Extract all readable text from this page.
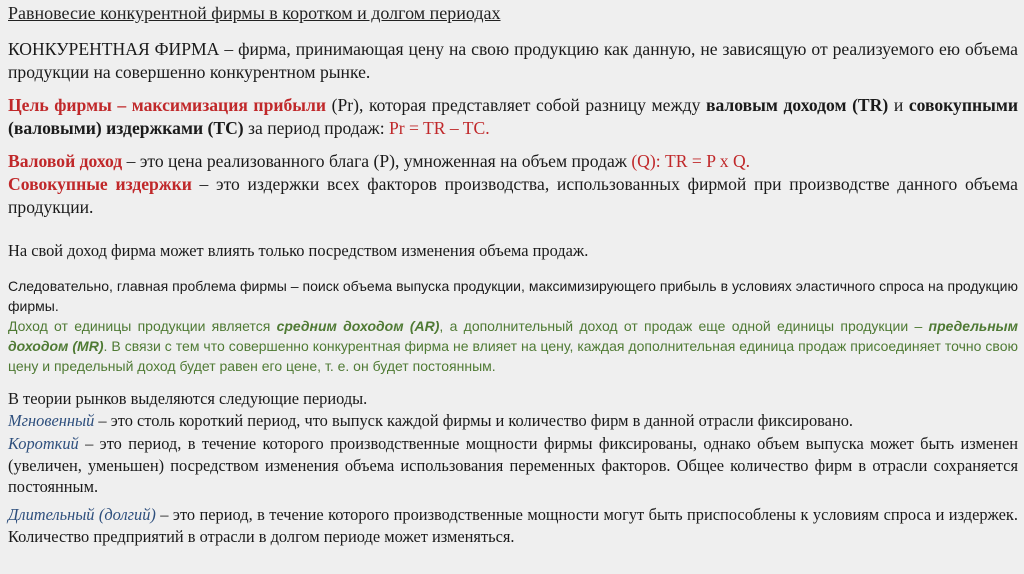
Равновесие конкурентной фирмы в коротком и долгом периодах

КОНКУРЕНТНАЯ ФИРМА – фирма, принимающая цену на свою продукцию как данную, не зависящую от реализуемого ею объема продукции на совершенно конкурентном рынке.

Цель фирмы – максимизация прибыли (Pr), которая представляет собой разницу между валовым доходом (TR) и совокупными (валовыми) издержками (TC) за период продаж: Pr = TR – TC.

Валовой доход – это цена реализованного блага (P), умноженная на объем продаж (Q): TR = P x Q.

Совокупные издержки – это издержки всех факторов производства, использованных фирмой при производстве данного объема продукции.

На свой доход фирма может влиять только посредством изменения объема продаж.

Следовательно, главная проблема фирмы – поиск объема выпуска продукции, максимизирующего прибыль в условиях эластичного спроса на продукцию фирмы.

Доход от единицы продукции является средним доходом (AR), а дополнительный доход от продаж еще одной единицы продукции – предельным доходом (MR). В связи с тем что совершенно конкурентная фирма не влияет на цену, каждая дополнительная единица продаж присоединяет точно свою цену и предельный доход будет равен его цене, т. е. он будет постоянным.

В теории рынков выделяются следующие периоды.

Мгновенный – это столь короткий период, что выпуск каждой фирмы и количество фирм в данной отрасли фиксировано.

Короткий – это период, в течение которого производственные мощности фирмы фиксированы, однако объем выпуска может быть изменен (увеличен, уменьшен) посредством изменения объема использования переменных факторов. Общее количество фирм в отрасли сохраняется постоянным.

Длительный (долгий) – это период, в течение которого производственные мощности могут быть приспособлены к условиям спроса и издержек. Количество предприятий в отрасли в долгом периоде может изменяться.
